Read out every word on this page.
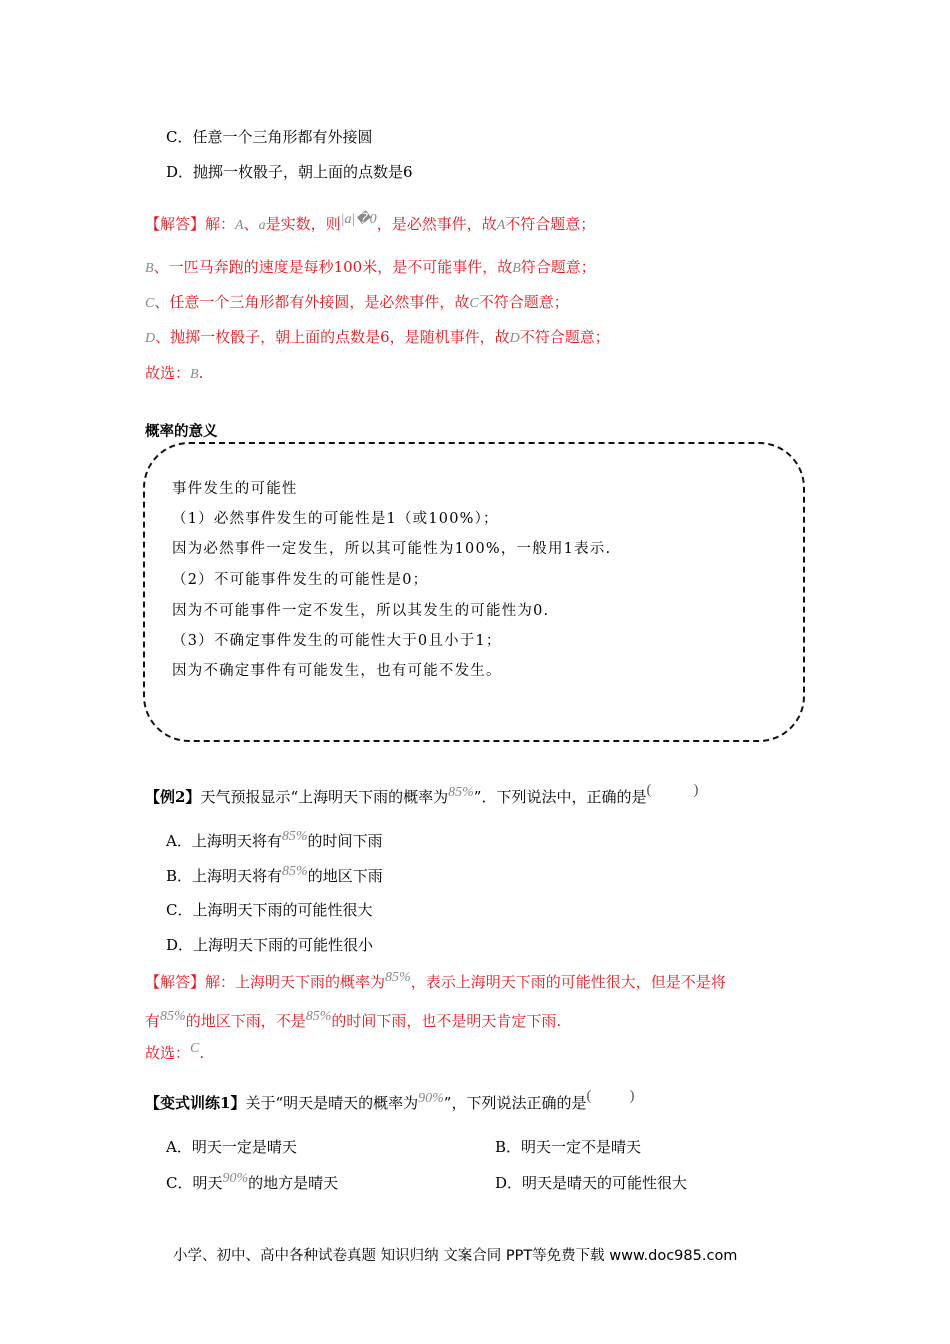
C．任意一个三角形都有外接圆
D．抛掷一枚骰子，朝上面的点数是6
【解答】解：A、a是实数，则|a|�0，是必然事件，故A不符合题意；
B、一匹马奔跑的速度是每秒100米，是不可能事件，故B符合题意；
C、任意一个三角形都有外接圆，是必然事件，故C不符合题意；
D、抛掷一枚骰子，朝上面的点数是6，是随机事件，故D不符合题意；
故选：B.
概率的意义
事件发生的可能性
（1）必然事件发生的可能性是1（或100%）；
因为必然事件一定发生，所以其可能性为100%，一般用1表示.
（2）不可能事件发生的可能性是0；
因为不可能事件一定不发生，所以其发生的可能性为0.
（3）不确定事件发生的可能性大于0且小于1；
因为不确定事件有可能发生，也有可能不发生。
【例2】天气预报显示“上海明天下雨的概率为85%”．下列说法中，正确的是(	)
A．上海明天将有85%的时间下雨
B．上海明天将有85%的地区下雨
C．上海明天下雨的可能性很大
D．上海明天下雨的可能性很小
【解答】解：上海明天下雨的概率为85%，表示上海明天下雨的可能性很大，但是不是将
有85%的地区下雨，不是85%的时间下雨，也不是明天肯定下雨.
故选：C.
【变式训练1】关于“明天是晴天的概率为90%”，下列说法正确的是(	)
A．明天一定是晴天	B．明天一定不是晴天
C．明天90%的地方是晴天	D．明天是晴天的可能性很大
小学、初中、高中各种试卷真题 知识归纳 文案合同 PPT等免费下载 www.doc985.com
